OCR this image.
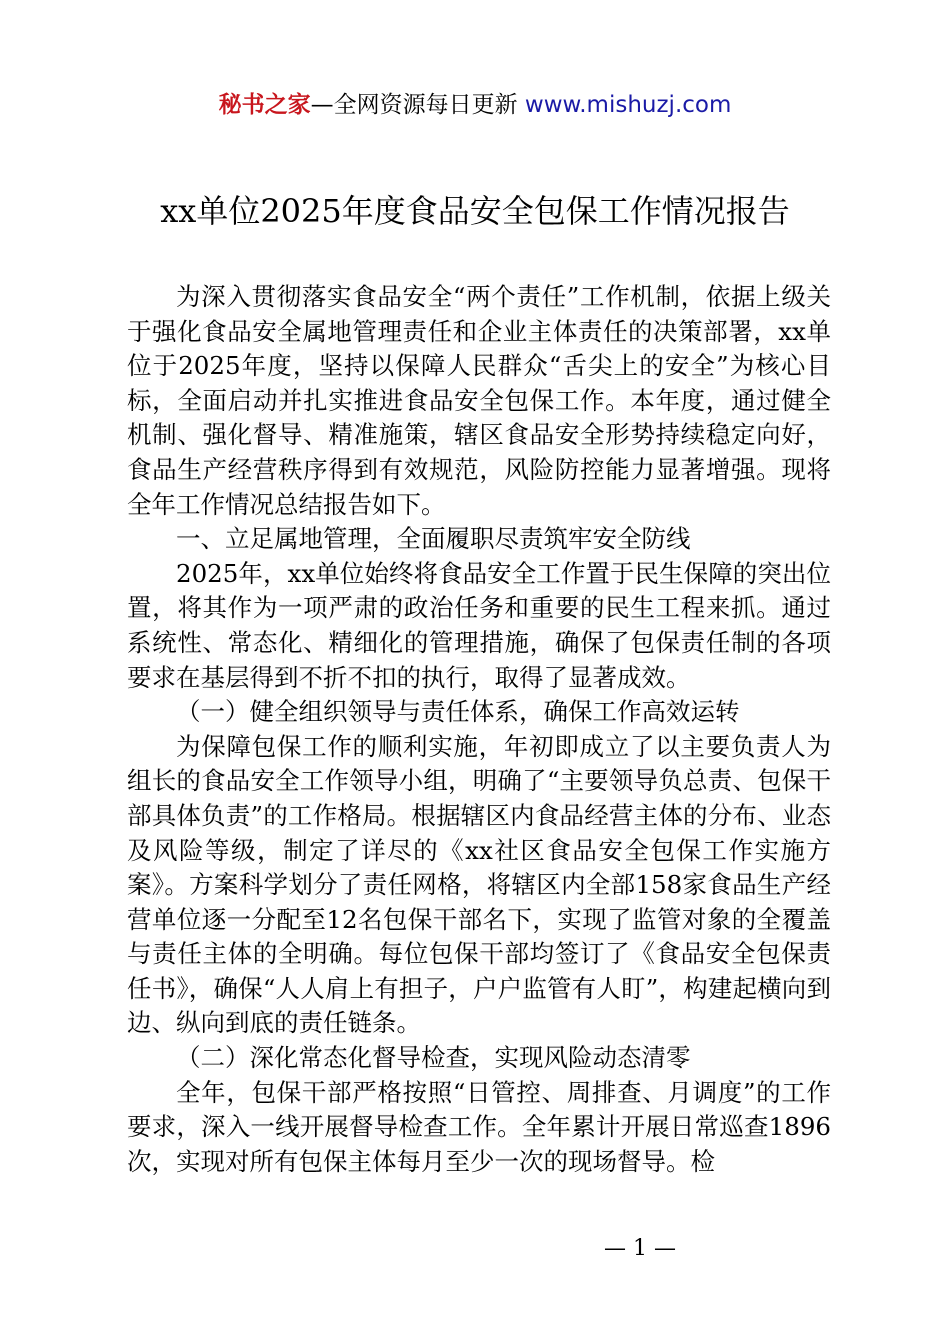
秘书之家—全网资源每日更新 www.mishuzj.com
xx单位2025年度食品安全包保工作情况报告

为深入贯彻落实食品安全“两个责任”工作机制，依据上级关于强化食品安全属地管理责任和企业主体责任的决策部署，xx单位于2025年度，坚持以保障人民群众“舌尖上的安全”为核心目标，全面启动并扎实推进食品安全包保工作。本年度，通过健全机制、强化督导、精准施策，辖区食品安全形势持续稳定向好，食品生产经营秩序得到有效规范，风险防控能力显著增强。现将全年工作情况总结报告如下。

一、立足属地管理，全面履职尽责筑牢安全防线

2025年，xx单位始终将食品安全工作置于民生保障的突出位置，将其作为一项严肃的政治任务和重要的民生工程来抓。通过系统性、常态化、精细化的管理措施，确保了包保责任制的各项要求在基层得到不折不扣的执行，取得了显著成效。

（一）健全组织领导与责任体系，确保工作高效运转

为保障包保工作的顺利实施，年初即成立了以主要负责人为组长的食品安全工作领导小组，明确了“主要领导负总责、包保干部具体负责”的工作格局。根据辖区内食品经营主体的分布、业态及风险等级，制定了详尽的《xx社区食品安全包保工作实施方案》。方案科学划分了责任网格，将辖区内全部158家食品生产经营单位逐一分配至12名包保干部名下，实现了监管对象的全覆盖与责任主体的全明确。每位包保干部均签订了《食品安全包保责任书》，确保“人人肩上有担子，户户监管有人盯”，构建起横向到边、纵向到底的责任链条。

（二）深化常态化督导检查，实现风险动态清零

全年，包保干部严格按照“日管控、周排查、月调度”的工作要求，深入一线开展督导检查工作。全年累计开展日常巡查1896次，实现对所有包保主体每月至少一次的现场督导。检

— 1 —
